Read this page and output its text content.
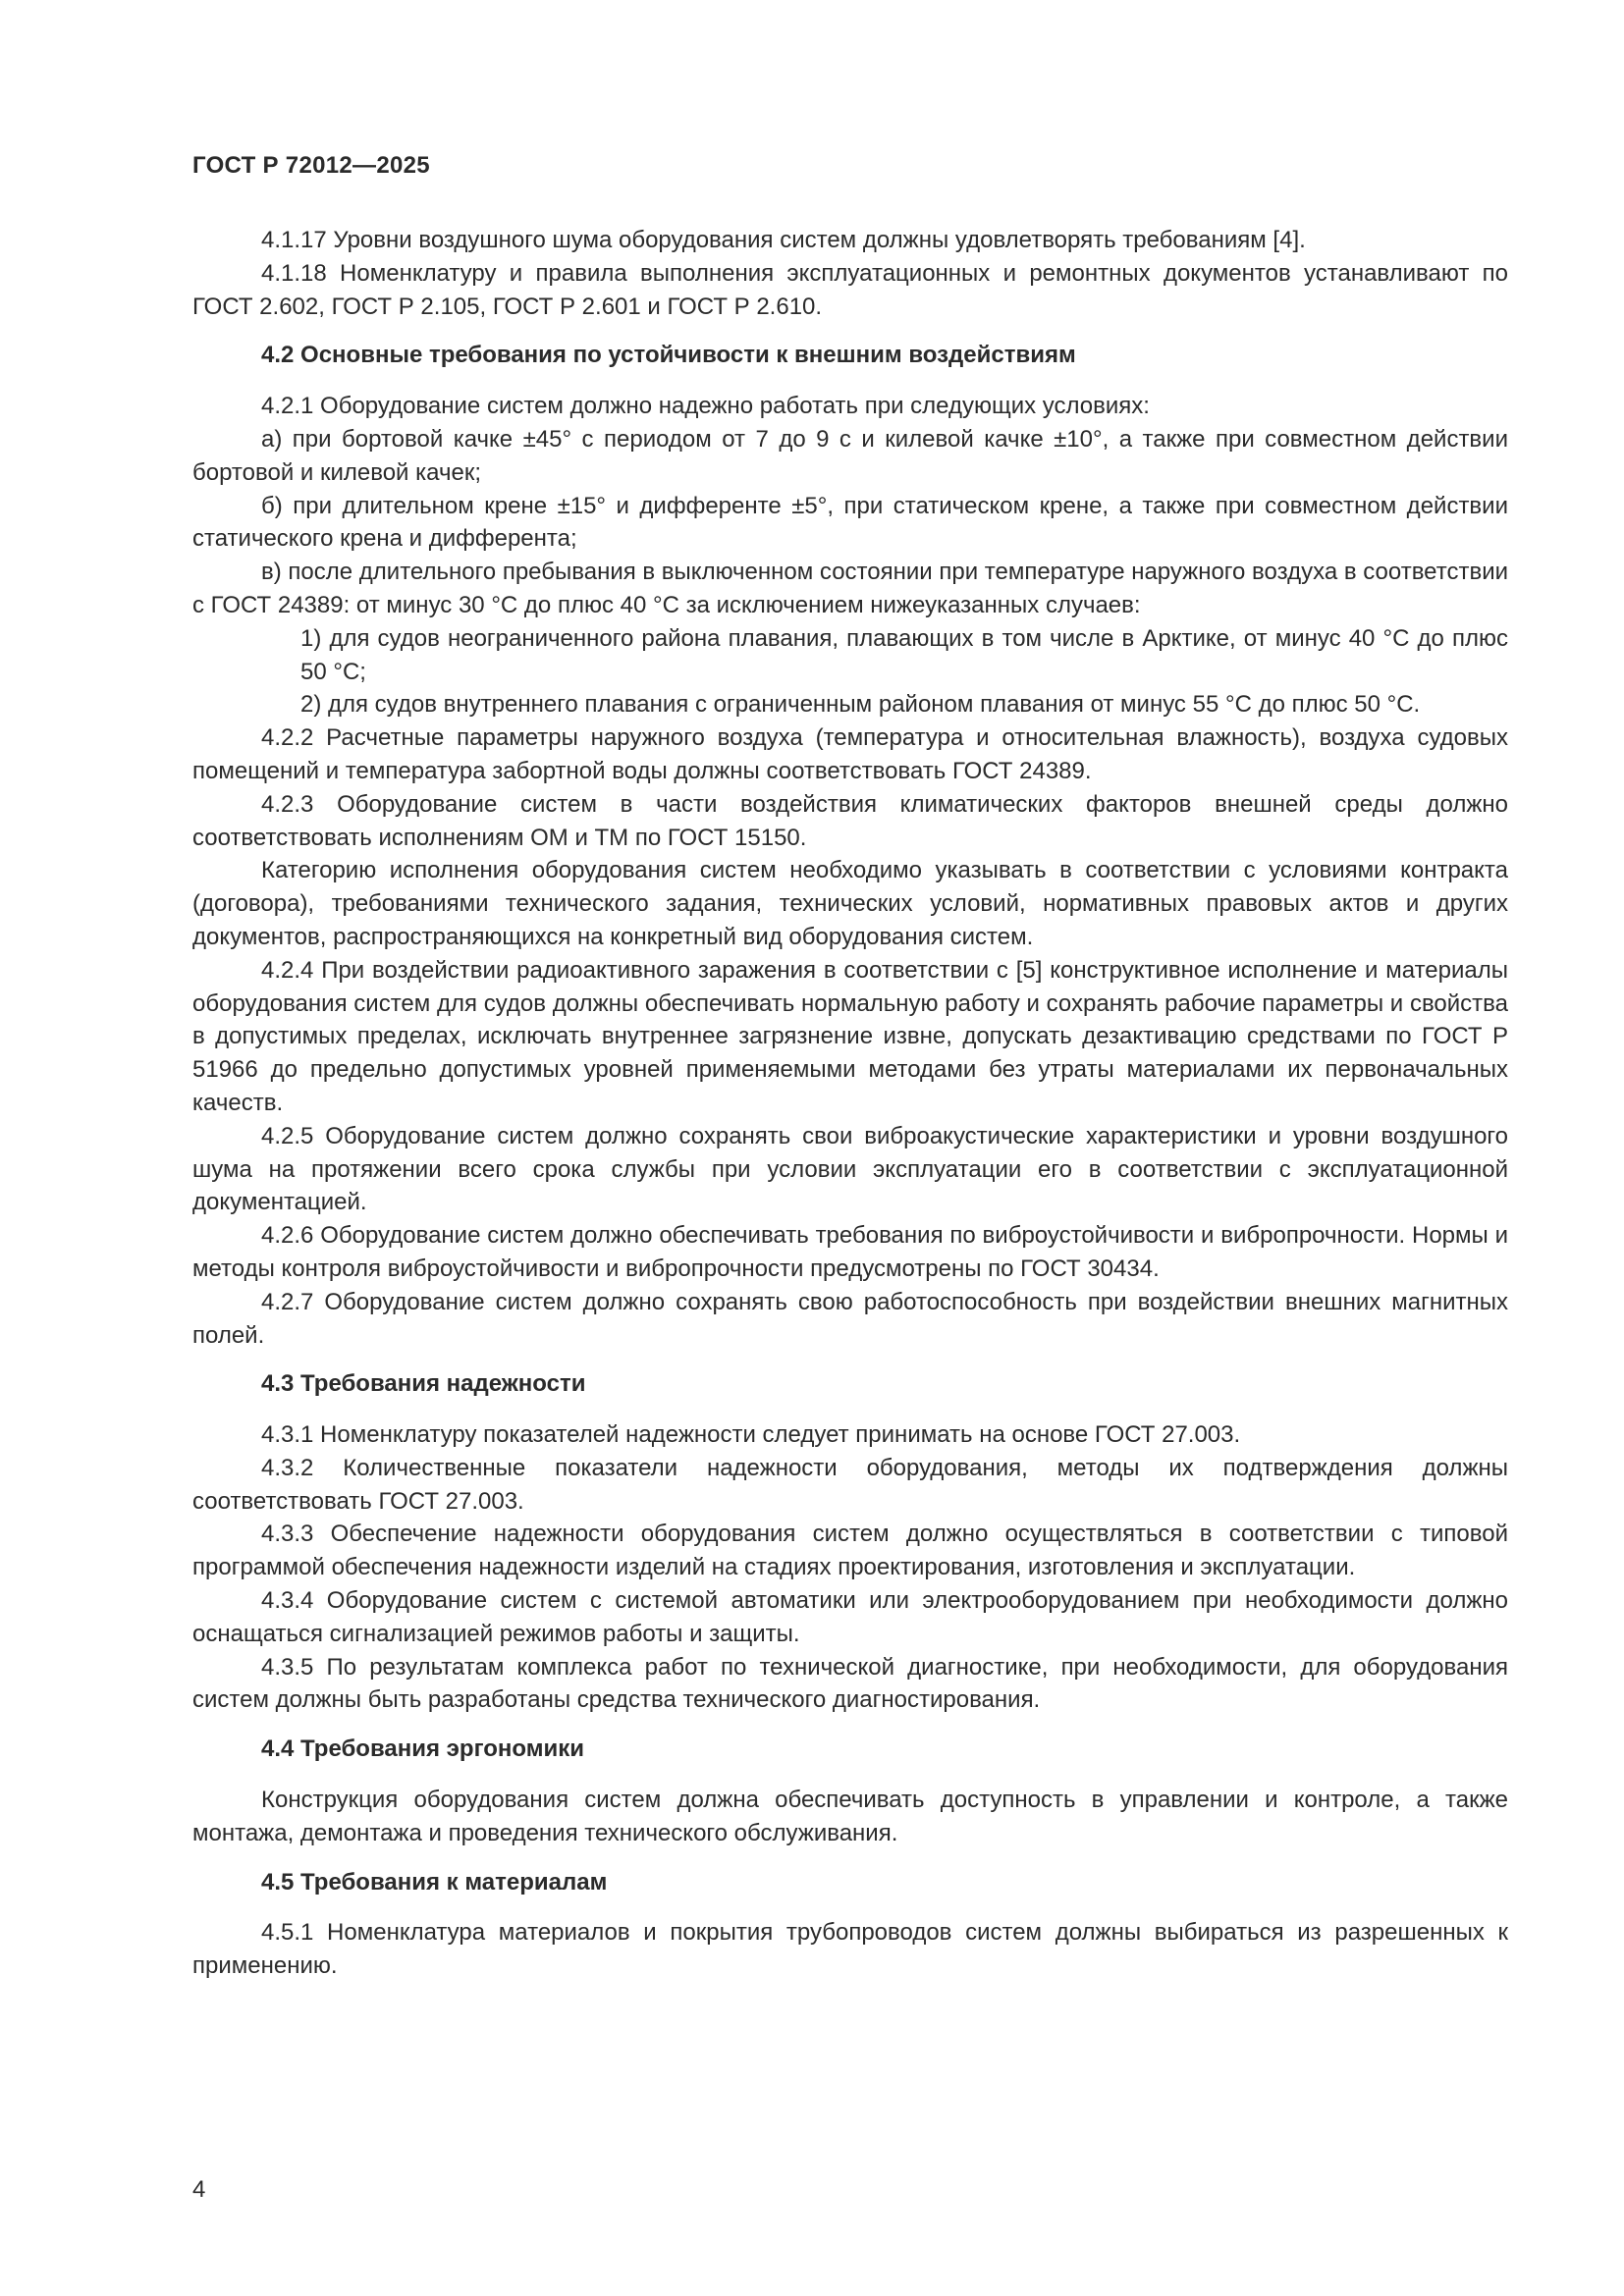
ГОСТ Р 72012—2025

4.1.17 Уровни воздушного шума оборудования систем должны удовлетворять требованиям [4].

4.1.18 Номенклатуру и правила выполнения эксплуатационных и ремонтных документов устанавливают по ГОСТ 2.602, ГОСТ Р 2.105, ГОСТ Р 2.601 и ГОСТ Р 2.610.

4.2 Основные требования по устойчивости к внешним воздействиям

4.2.1 Оборудование систем должно надежно работать при следующих условиях:

а) при бортовой качке ±45° с периодом от 7 до 9 с и килевой качке ±10°, а также при совместном действии бортовой и килевой качек;

б) при длительном крене ±15° и дифференте ±5°, при статическом крене, а также при совместном действии статического крена и дифферента;

в) после длительного пребывания в выключенном состоянии при температуре наружного воздуха в соответствии с ГОСТ 24389: от минус 30 °С до плюс 40 °С за исключением нижеуказанных случаев:

1) для судов неограниченного района плавания, плавающих в том числе в Арктике, от минус 40 °С до плюс 50 °С;

2) для судов внутреннего плавания с ограниченным районом плавания от минус 55 °С до плюс 50 °С.

4.2.2 Расчетные параметры наружного воздуха (температура и относительная влажность), воздуха судовых помещений и температура забортной воды должны соответствовать ГОСТ 24389.

4.2.3 Оборудование систем в части воздействия климатических факторов внешней среды должно соответствовать исполнениям ОМ и ТМ по ГОСТ 15150.

Категорию исполнения оборудования систем необходимо указывать в соответствии с условиями контракта (договора), требованиями технического задания, технических условий, нормативных правовых актов и других документов, распространяющихся на конкретный вид оборудования систем.

4.2.4 При воздействии радиоактивного заражения в соответствии с [5] конструктивное исполнение и материалы оборудования систем для судов должны обеспечивать нормальную работу и сохранять рабочие параметры и свойства в допустимых пределах, исключать внутреннее загрязнение извне, допускать дезактивацию средствами по ГОСТ Р 51966 до предельно допустимых уровней применяемыми методами без утраты материалами их первоначальных качеств.

4.2.5 Оборудование систем должно сохранять свои виброакустические характеристики и уровни воздушного шума на протяжении всего срока службы при условии эксплуатации его в соответствии с эксплуатационной документацией.

4.2.6 Оборудование систем должно обеспечивать требования по виброустойчивости и вибропрочности. Нормы и методы контроля виброустойчивости и вибропрочности предусмотрены по ГОСТ 30434.

4.2.7 Оборудование систем должно сохранять свою работоспособность при воздействии внешних магнитных полей.

4.3 Требования надежности

4.3.1 Номенклатуру показателей надежности следует принимать на основе ГОСТ 27.003.

4.3.2 Количественные показатели надежности оборудования, методы их подтверждения должны соответствовать ГОСТ 27.003.

4.3.3 Обеспечение надежности оборудования систем должно осуществляться в соответствии с типовой программой обеспечения надежности изделий на стадиях проектирования, изготовления и эксплуатации.

4.3.4 Оборудование систем с системой автоматики или электрооборудованием при необходимости должно оснащаться сигнализацией режимов работы и защиты.

4.3.5 По результатам комплекса работ по технической диагностике, при необходимости, для оборудования систем должны быть разработаны средства технического диагностирования.

4.4 Требования эргономики

Конструкция оборудования систем должна обеспечивать доступность в управлении и контроле, а также монтажа, демонтажа и проведения технического обслуживания.

4.5 Требования к материалам

4.5.1 Номенклатура материалов и покрытия трубопроводов систем должны выбираться из разрешенных к применению.

4
